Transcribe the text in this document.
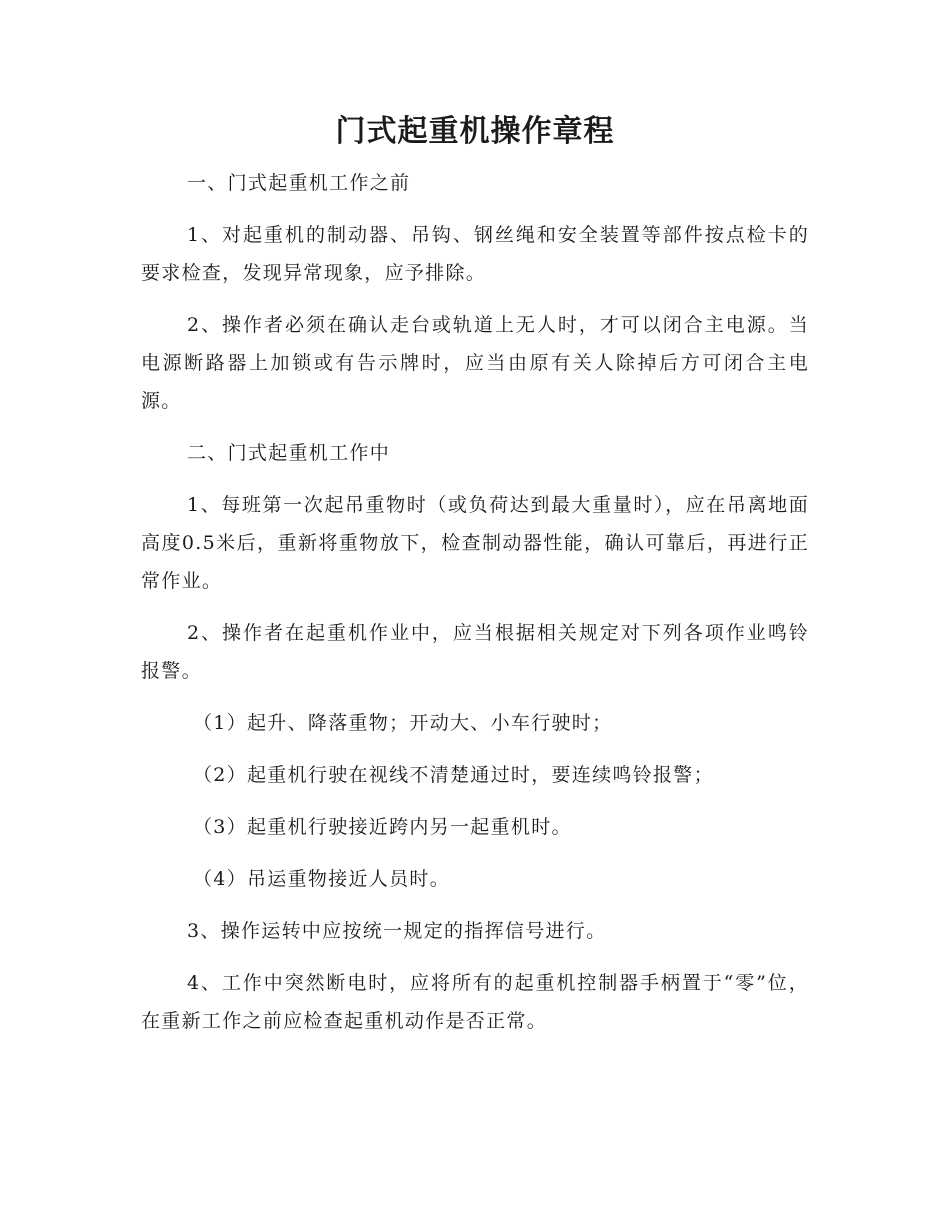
门式起重机操作章程

一、门式起重机工作之前

1、对起重机的制动器、吊钩、钢丝绳和安全装置等部件按点检卡的要求检查，发现异常现象，应予排除。

2、操作者必须在确认走台或轨道上无人时，才可以闭合主电源。当电源断路器上加锁或有告示牌时，应当由原有关人除掉后方可闭合主电源。

二、门式起重机工作中

1、每班第一次起吊重物时（或负荷达到最大重量时），应在吊离地面高度0.5米后，重新将重物放下，检查制动器性能，确认可靠后，再进行正常作业。

2、操作者在起重机作业中，应当根据相关规定对下列各项作业鸣铃报警。

（1）起升、降落重物；开动大、小车行驶时；

（2）起重机行驶在视线不清楚通过时，要连续鸣铃报警；

（3）起重机行驶接近跨内另一起重机时。

（4）吊运重物接近人员时。

3、操作运转中应按统一规定的指挥信号进行。

4、工作中突然断电时，应将所有的起重机控制器手柄置于“零”位，在重新工作之前应检查起重机动作是否正常。
